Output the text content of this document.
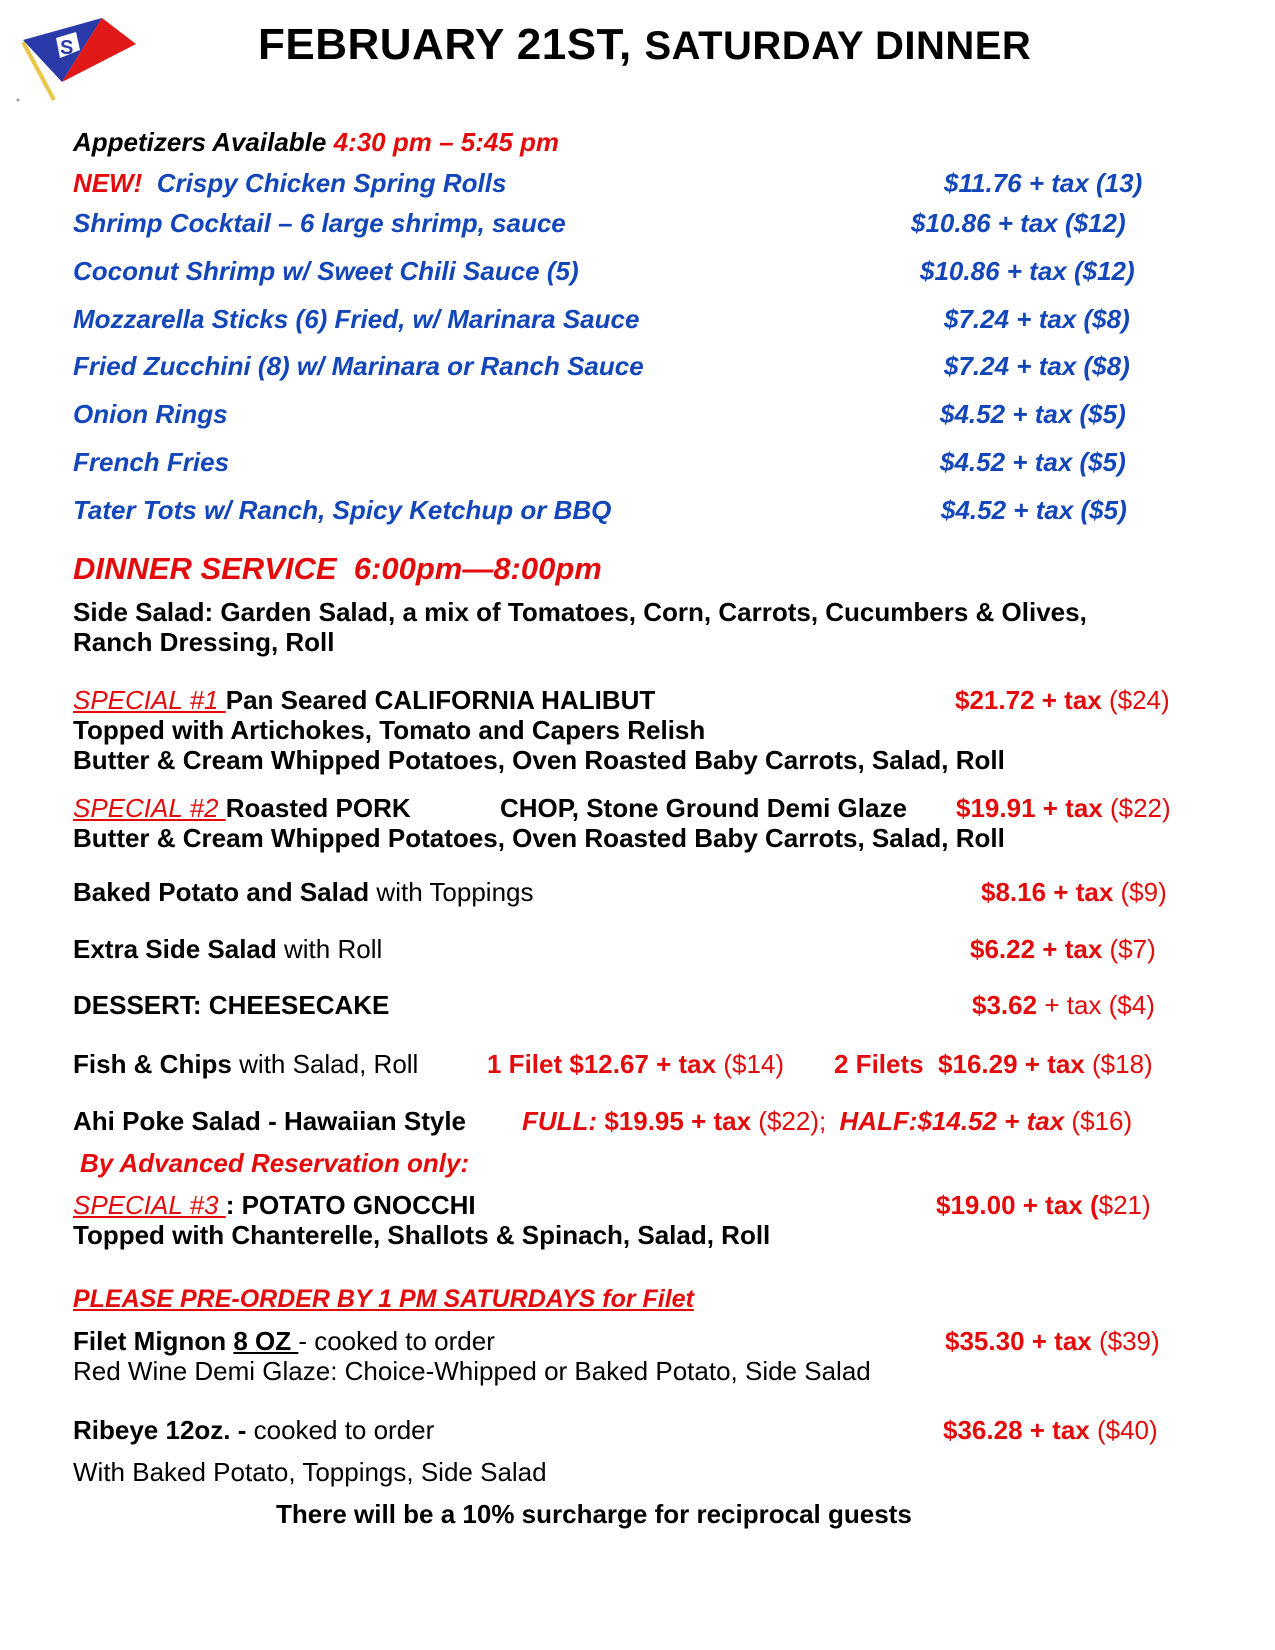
S	FEBRUARY 21ST, SATURDAY DINNER
Appetizers Available 4:30 pm – 5:45 pm
NEW! Crispy Chicken Spring Rolls	$11.76 + tax (13)
Shrimp Cocktail – 6 large shrimp, sauce	$10.86 + tax ($12)
Coconut Shrimp w/ Sweet Chili Sauce (5)	$10.86 + tax ($12)
Mozzarella Sticks (6) Fried, w/ Marinara Sauce	$7.24 + tax ($8)
Fried Zucchini (8) w/ Marinara or Ranch Sauce	$7.24 + tax ($8)
Onion Rings	$4.52 + tax ($5)
French Fries	$4.52 + tax ($5)
Tater Tots w/ Ranch, Spicy Ketchup or BBQ	$4.52 + tax ($5)
DINNER SERVICE  6:00pm—8:00pm
Side Salad: Garden Salad, a mix of Tomatoes, Corn, Carrots, Cucumbers & Olives,
Ranch Dressing, Roll
SPECIAL #1 Pan Seared CALIFORNIA HALIBUT	$21.72 + tax ($24)
Topped with Artichokes, Tomato and Capers Relish
Butter & Cream Whipped Potatoes, Oven Roasted Baby Carrots, Salad, Roll
SPECIAL #2 Roasted PORK	CHOP, Stone Ground Demi Glaze $19.91 + tax ($22)
Butter & Cream Whipped Potatoes, Oven Roasted Baby Carrots, Salad, Roll
Baked Potato and Salad with Toppings	$8.16 + tax ($9)
Extra Side Salad with Roll	$6.22 + tax ($7)
DESSERT: CHEESECAKE	$3.62 + tax ($4)
Fish & Chips with Salad, Roll	1 Filet $12.67 + tax ($14) 2 Filets  $16.29 + tax ($18)
Ahi Poke Salad - Hawaiian Style FULL: $19.95 + tax ($22); HALF:$14.52 + tax ($16)
By Advanced Reservation only:
SPECIAL #3 : POTATO GNOCCHI	$19.00 + tax ($21)
Topped with Chanterelle, Shallots & Spinach, Salad, Roll
PLEASE PRE-ORDER BY 1 PM SATURDAYS for Filet
Filet Mignon 8 OZ - cooked to order	$35.30 + tax ($39)
Red Wine Demi Glaze: Choice-Whipped or Baked Potato, Side Salad
Ribeye 12oz. - cooked to order	$36.28 + tax ($40)
With Baked Potato, Toppings, Side Salad
There will be a 10% surcharge for reciprocal guests
